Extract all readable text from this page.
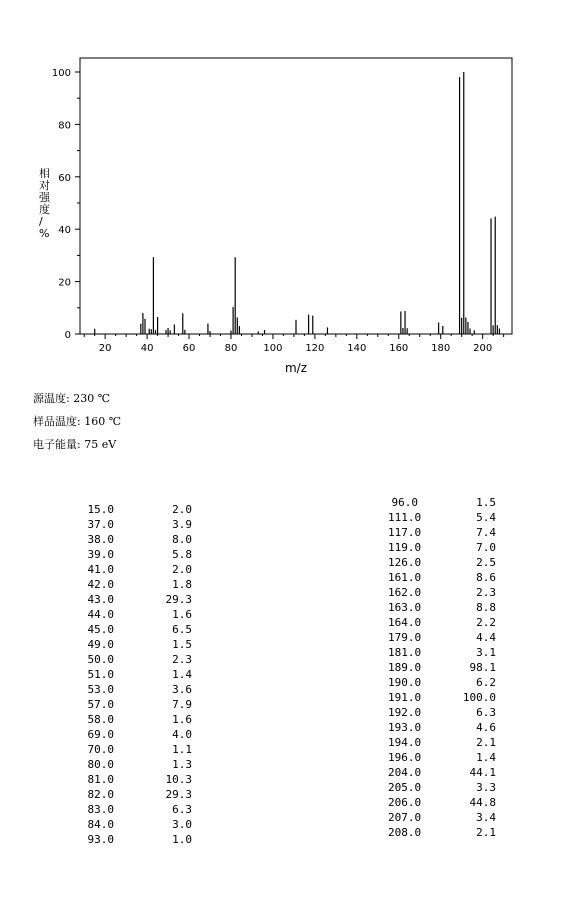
0
20
40
60
80
100
20	40	60	80	100 120 140 160 180 200
m/z
相
对
强
度
/
%
源温度: 230 ℃
样品温度: 160 ℃
电子能量: 75 eV
15.0	2.0
37.0	3.9
38.0	8.0
39.0	5.8
41.0	2.0
42.0	1.8
43.0	29.3
44.0	1.6
45.0	6.5
49.0	1.5
50.0	2.3
51.0	1.4
53.0	3.6
57.0	7.9
58.0	1.6
69.0	4.0
70.0	1.1
80.0	1.3
81.0	10.3
82.0	29.3
83.0	6.3
84.0	3.0
93.0	1.0
96.0	1.5
111.0	5.4
117.0	7.4
119.0	7.0
126.0	2.5
161.0	8.6
162.0	2.3
163.0	8.8
164.0	2.2
179.0	4.4
181.0	3.1
189.0	98.1
190.0	6.2
191.0	100.0
192.0	6.3
193.0	4.6
194.0	2.1
196.0	1.4
204.0	44.1
205.0	3.3
206.0	44.8
207.0	3.4
208.0	2.1
